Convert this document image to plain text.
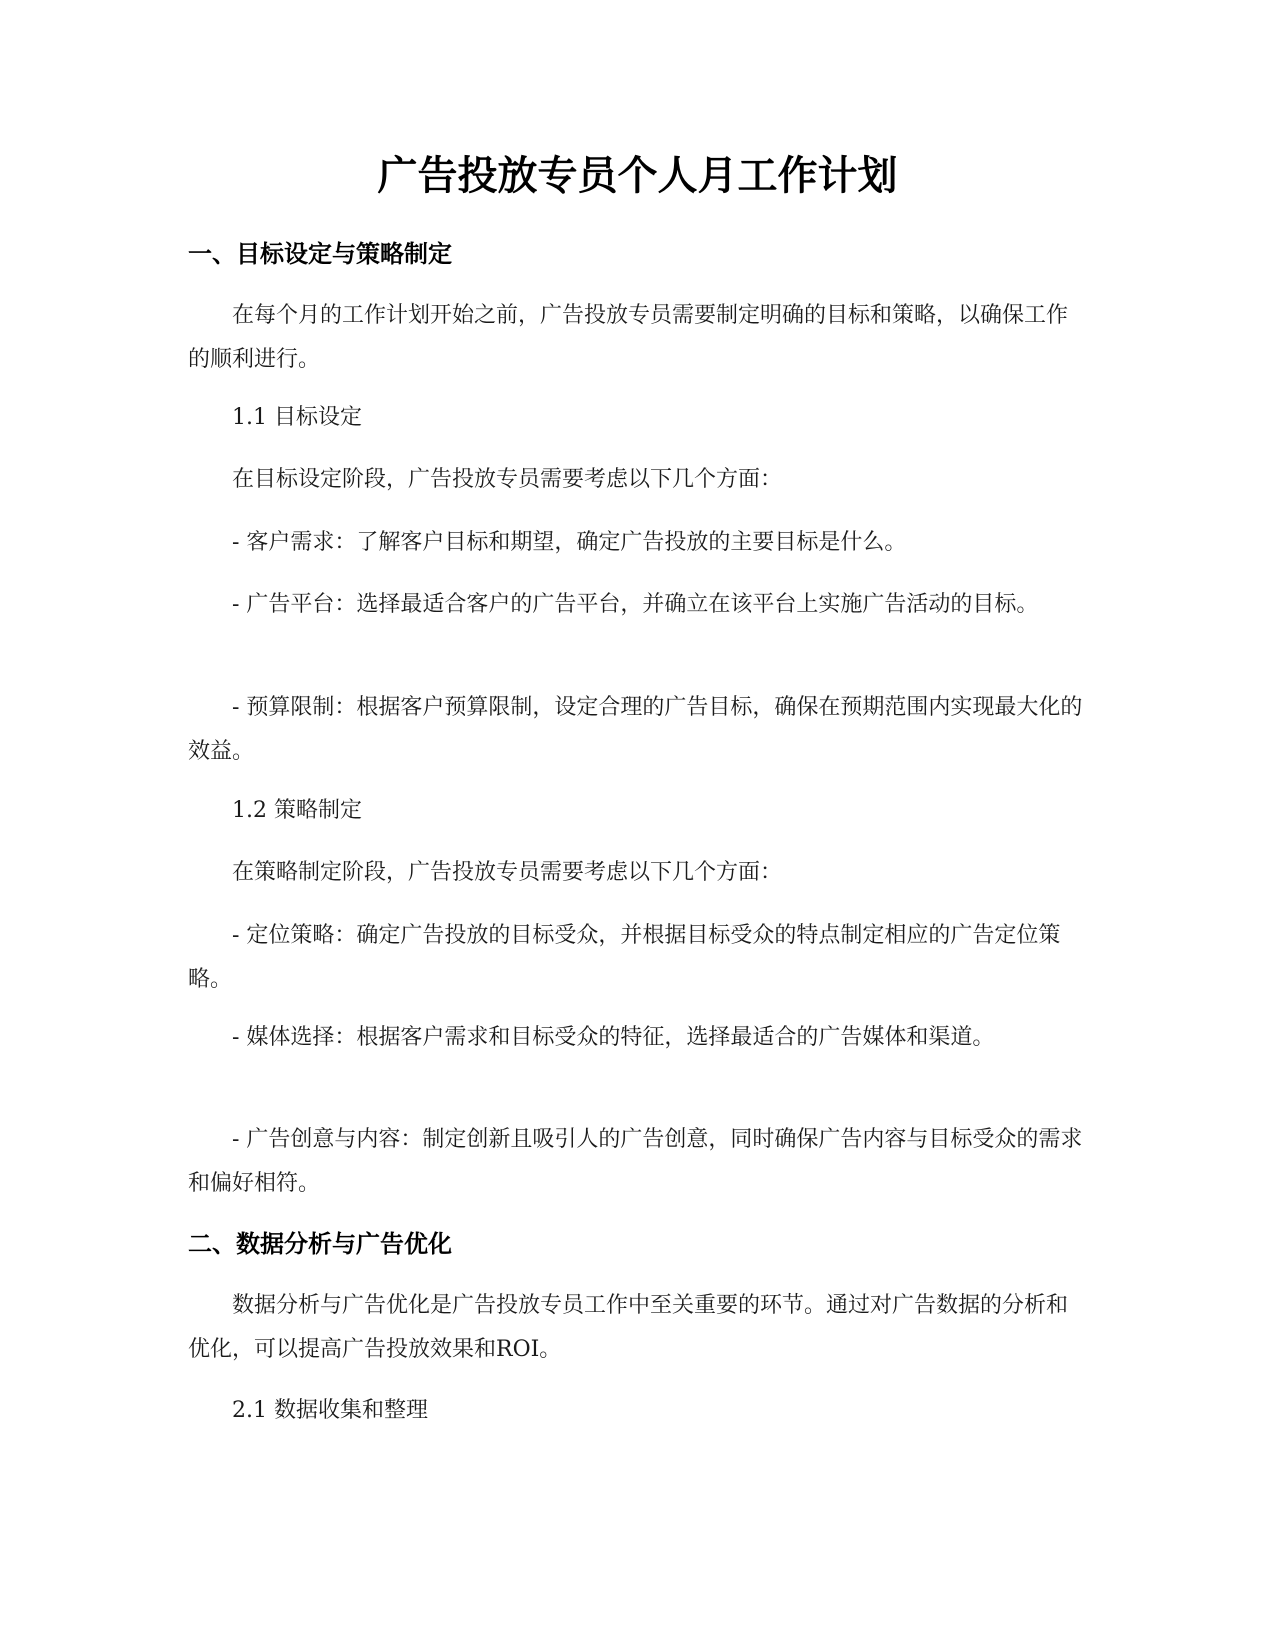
广告投放专员个人月工作计划
一、目标设定与策略制定

在每个月的工作计划开始之前，广告投放专员需要制定明确的目标和策略，以确保工作的顺利进行。

1.1 目标设定

在目标设定阶段，广告投放专员需要考虑以下几个方面：

- 客户需求：了解客户目标和期望，确定广告投放的主要目标是什么。

- 广告平台：选择最适合客户的广告平台，并确立在该平台上实施广告活动的目标。

- 预算限制：根据客户预算限制，设定合理的广告目标，确保在预期范围内实现最大化的效益。

1.2 策略制定

在策略制定阶段，广告投放专员需要考虑以下几个方面：

- 定位策略：确定广告投放的目标受众，并根据目标受众的特点制定相应的广告定位策略。

- 媒体选择：根据客户需求和目标受众的特征，选择最适合的广告媒体和渠道。

- 广告创意与内容：制定创新且吸引人的广告创意，同时确保广告内容与目标受众的需求和偏好相符。

二、数据分析与广告优化

数据分析与广告优化是广告投放专员工作中至关重要的环节。通过对广告数据的分析和优化，可以提高广告投放效果和ROI。

2.1 数据收集和整理
